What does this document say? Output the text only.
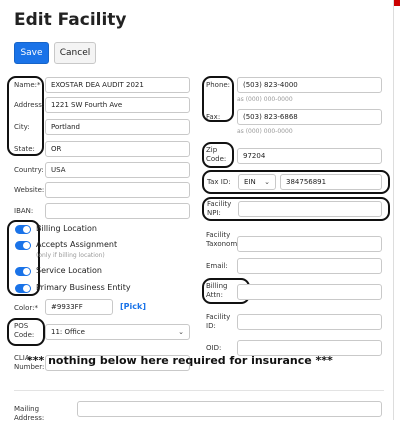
Edit Facility
Save	Cancel
Name:*	EXOSTAR DEA AUDIT 2021
Address: 1221 SW Fourth Ave
City:	Portland
State:	OR
Country:	USA
Website:
IBAN:
Billing Location
Accepts Assignment
(only if billing location)
Service Location
Primary Business Entity
Color:*	#9933FF	[Pick]
POS Code:	11: Office	⌄
CLIA Number:
Phone:	(503) 823-4000
as (000) 000-0000
Fax:	(503) 823-6868
as (000) 000-0000
Zip Code:	97204
Tax ID: EIN ⌄	384756891
Facility NPI:
Facility Taxonom
Email:
Billing Attn:
Facility ID:
OID:
*** nothing below here required for insurance ***
Mailing Address:
